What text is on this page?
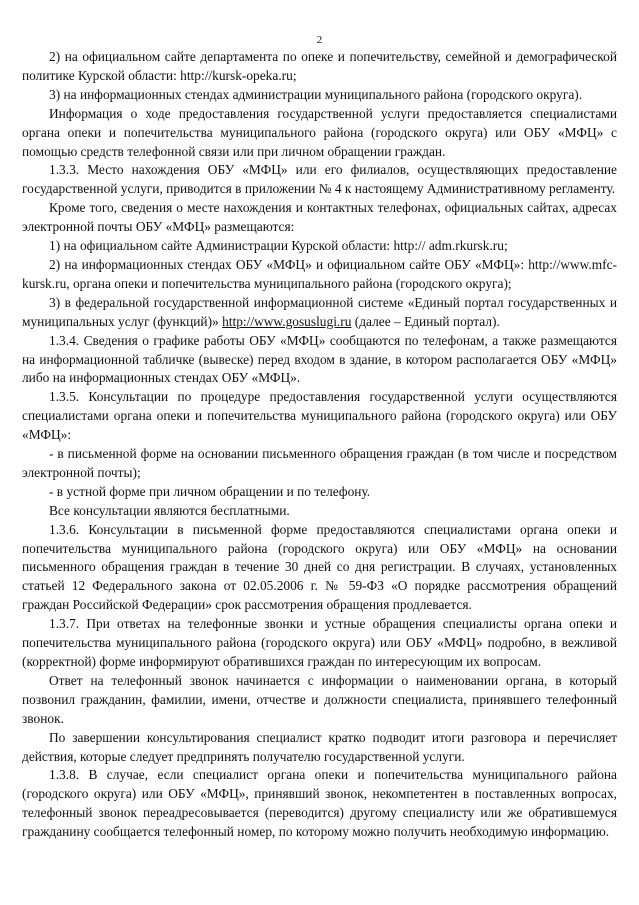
2

2) на официальном сайте департамента по опеке и попечительству, семейной и демографической политике Курской области: http://kursk-opeka.ru;

3) на информационных стендах администрации муниципального района (городского округа).

Информация о ходе предоставления государственной услуги предоставляется специалистами органа опеки и попечительства муниципального района (городского округа) или ОБУ «МФЦ» с помощью средств телефонной связи или при личном обращении граждан.

1.3.3. Место нахождения ОБУ «МФЦ» или его филиалов, осуществляющих предоставление государственной услуги, приводится в приложении № 4 к настоящему Административному регламенту.

Кроме того, сведения о месте нахождения и контактных телефонах, официальных сайтах, адресах электронной почты ОБУ «МФЦ» размещаются:

1) на официальном сайте Администрации Курской области: http:// adm.rkursk.ru;

2) на информационных стендах ОБУ «МФЦ» и официальном сайте ОБУ «МФЦ»: http://www.mfc-kursk.ru, органа опеки и попечительства муниципального района (городского округа);

3) в федеральной государственной информационной системе «Единый портал государственных и муниципальных услуг (функций)» http://www.gosuslugi.ru (далее – Единый портал).

1.3.4. Сведения о графике работы ОБУ «МФЦ» сообщаются по телефонам, а также размещаются на информационной табличке (вывеске) перед входом в здание, в котором располагается ОБУ «МФЦ» либо на информационных стендах ОБУ «МФЦ».

1.3.5. Консультации по процедуре предоставления государственной услуги осуществляются специалистами органа опеки и попечительства муниципального района (городского округа) или ОБУ «МФЦ»:

- в письменной форме на основании письменного обращения граждан (в том числе и посредством электронной почты);

- в устной форме при личном обращении и по телефону.

Все консультации являются бесплатными.

1.3.6. Консультации в письменной форме предоставляются специалистами органа опеки и попечительства муниципального района (городского округа) или ОБУ «МФЦ» на основании письменного обращения граждан в течение 30 дней со дня регистрации. В случаях, установленных статьей 12 Федерального закона от 02.05.2006 г. № 59-ФЗ «О порядке рассмотрения обращений граждан Российской Федерации» срок рассмотрения обращения продлевается.

1.3.7. При ответах на телефонные звонки и устные обращения специалисты органа опеки и попечительства муниципального района (городского округа) или ОБУ «МФЦ» подробно, в вежливой (корректной) форме информируют обратившихся граждан по интересующим их вопросам.

Ответ на телефонный звонок начинается с информации о наименовании органа, в который позвонил гражданин, фамилии, имени, отчестве и должности специалиста, принявшего телефонный звонок.

По завершении консультирования специалист кратко подводит итоги разговора и перечисляет действия, которые следует предпринять получателю государственной услуги.

1.3.8. В случае, если специалист органа опеки и попечительства муниципального района (городского округа) или ОБУ «МФЦ», принявший звонок, некомпетентен в поставленных вопросах, телефонный звонок переадресовывается (переводится) другому специалисту или же обратившемуся гражданину сообщается телефонный номер, по которому можно получить необходимую информацию.
